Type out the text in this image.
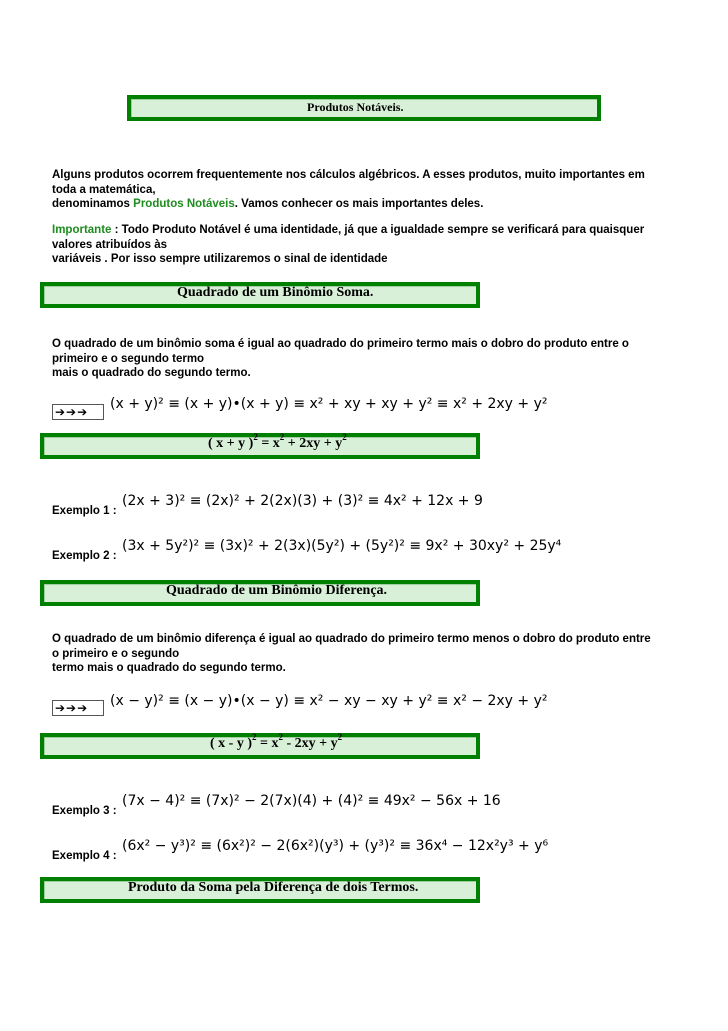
Produtos Notáveis.
Alguns produtos ocorrem frequentemente nos cálculos algébricos. A esses produtos, muito importantes em
toda a matemática,
denominamos Produtos Notáveis. Vamos conhecer os mais importantes deles.
Importante : Todo Produto Notável é uma identidade, já que a igualdade sempre se verificará para quaisquer
valores atribuídos às
variáveis . Por isso sempre utilizaremos o sinal de identidade
Quadrado de um Binômio Soma.
O quadrado de um binômio soma é igual ao quadrado do primeiro termo mais o dobro do produto entre o
primeiro e o segundo termo
mais o quadrado do segundo termo.
➔➔➔	(x + y)² ≡ (x + y)•(x + y) ≡ x² + xy + xy + y² ≡ x² + 2xy + y²
( x + y )$^2 = x^2 + 2xy + y^2$
(2x + 3)² ≡ (2x)² + 2(2x)(3) + (3)² ≡ 4x² + 12x + 9
Exemplo 1 :
(3x + 5y²)² ≡ (3x)² + 2(3x)(5y²) + (5y²)² ≡ 9x² + 30xy² + 25y⁴
Exemplo 2 :
Quadrado de um Binômio Diferença.
O quadrado de um binômio diferença é igual ao quadrado do primeiro termo menos o dobro do produto entre
o primeiro e o segundo
termo mais o quadrado do segundo termo.
➔➔➔	(x − y)² ≡ (x − y)•(x − y) ≡ x² − xy − xy + y² ≡ x² − 2xy + y²
( x - y )$^2 = x^2 - 2xy + y^2$
(7x − 4)² ≡ (7x)² − 2(7x)(4) + (4)² ≡ 49x² − 56x + 16
Exemplo 3 :
(6x² − y³)² ≡ (6x²)² − 2(6x²)(y³) + (y³)² ≡ 36x⁴ − 12x²y³ + y⁶
Exemplo 4 :
Produto da Soma pela Diferença de dois Termos.
